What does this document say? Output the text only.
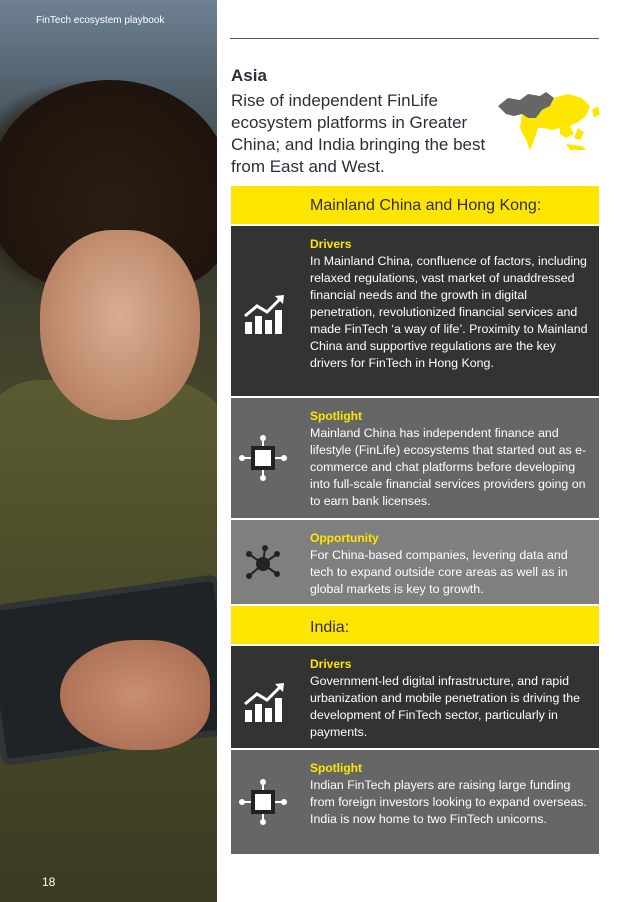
FinTech ecosystem playbook
18
Asia
Rise of independent FinLife ecosystem platforms in Greater China; and India bringing the best from East and West.
Mainland China and Hong Kong:
Drivers
In Mainland China, confluence of factors, including relaxed regulations, vast market of unaddressed financial needs and the growth in digital penetration, revolutionized financial services and made FinTech ‘a way of life’. Proximity to Mainland China and supportive regulations are the key drivers for FinTech in Hong Kong.
Spotlight
Mainland China has independent finance and lifestyle (FinLife) ecosystems that started out as e-commerce and chat platforms before developing into full-scale financial services providers going on to earn bank licenses.
Opportunity
For China-based companies, levering data and tech to expand outside core areas as well as in global markets is key to growth.
India:
Drivers
Government-led digital infrastructure, and rapid urbanization and mobile penetration is driving the development of FinTech sector, particularly in payments.
Spotlight
Indian FinTech players are raising large funding from foreign investors looking to expand overseas. India is now home to two FinTech unicorns.
